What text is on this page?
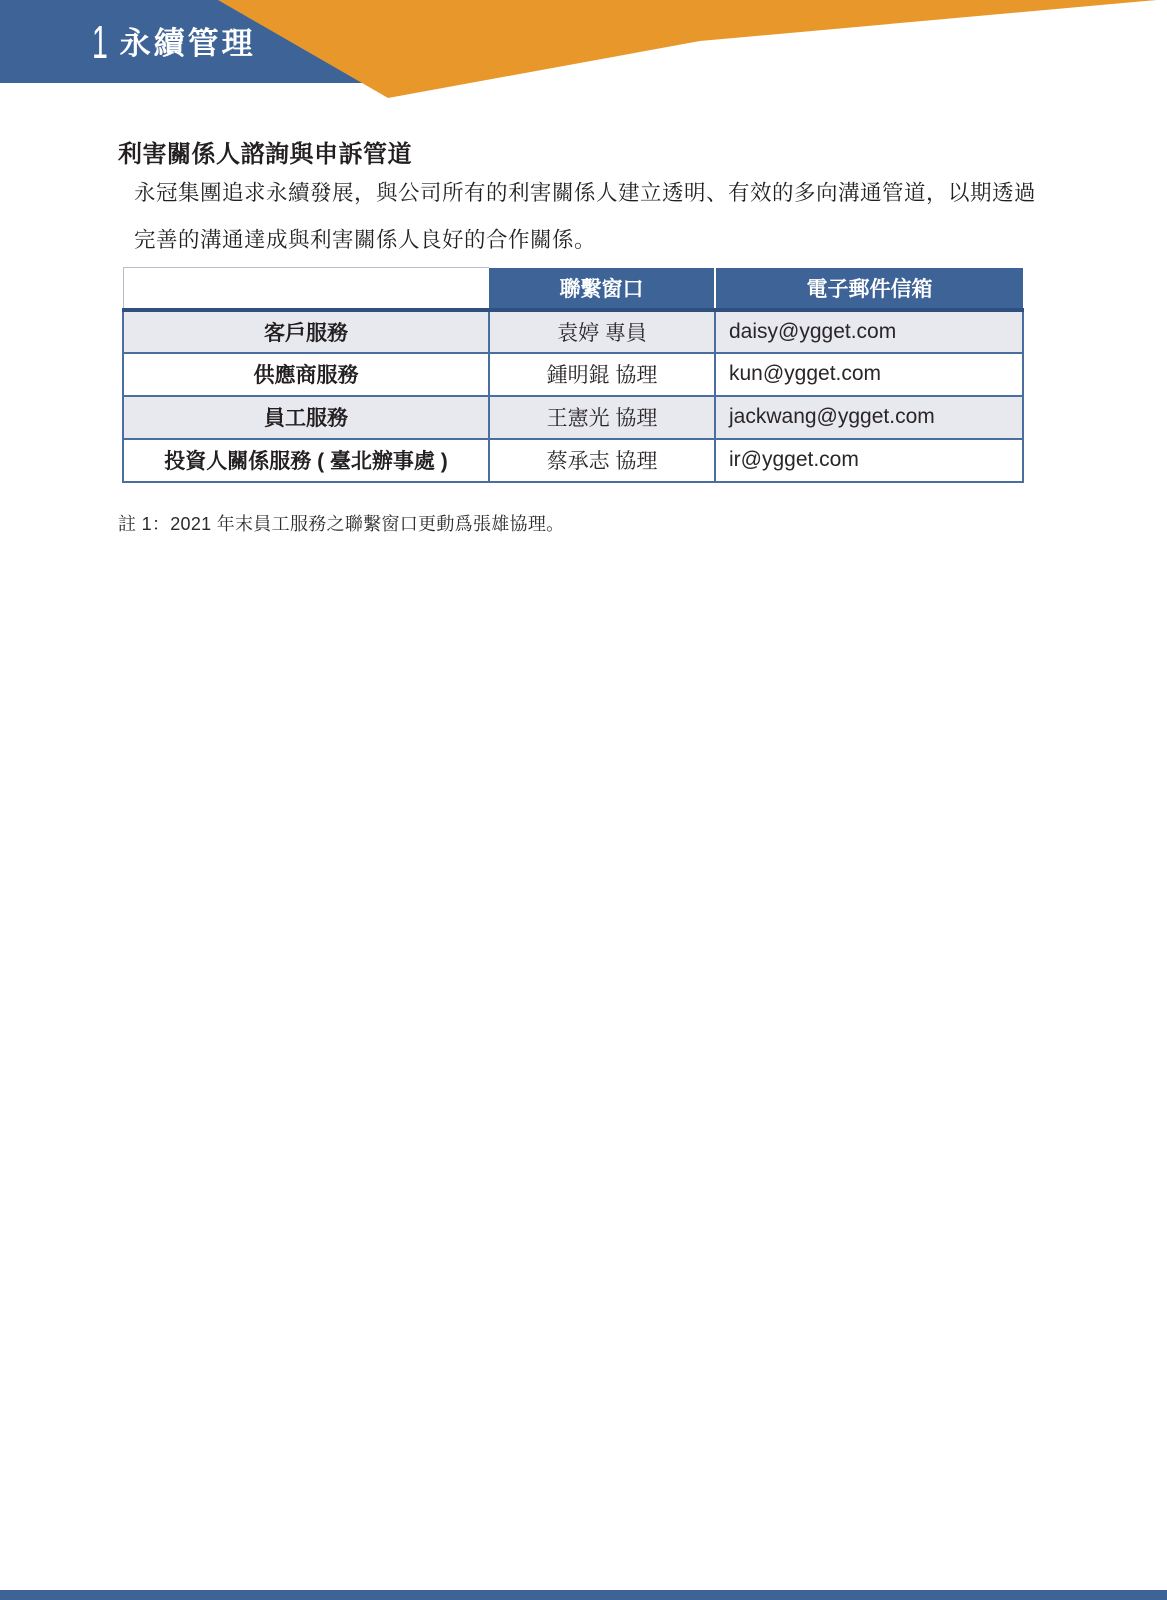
1 永續管理
利害關係人諮詢與申訴管道

永冠集團追求永續發展，與公司所有的利害關係人建立透明、有效的多向溝通管道，以期透過完善的溝通達成與利害關係人良好的合作關係。

	聯繫窗口	電子郵件信箱
客戶服務	袁婷 專員	daisy@ygget.com
供應商服務	鍾明錕 協理	kun@ygget.com
員工服務	王憲光 協理	jackwang@ygget.com
投資人關係服務 ( 臺北辦事處 )	蔡承志 協理	ir@ygget.com
註 1：2021 年末員工服務之聯繫窗口更動爲張雄協理。
